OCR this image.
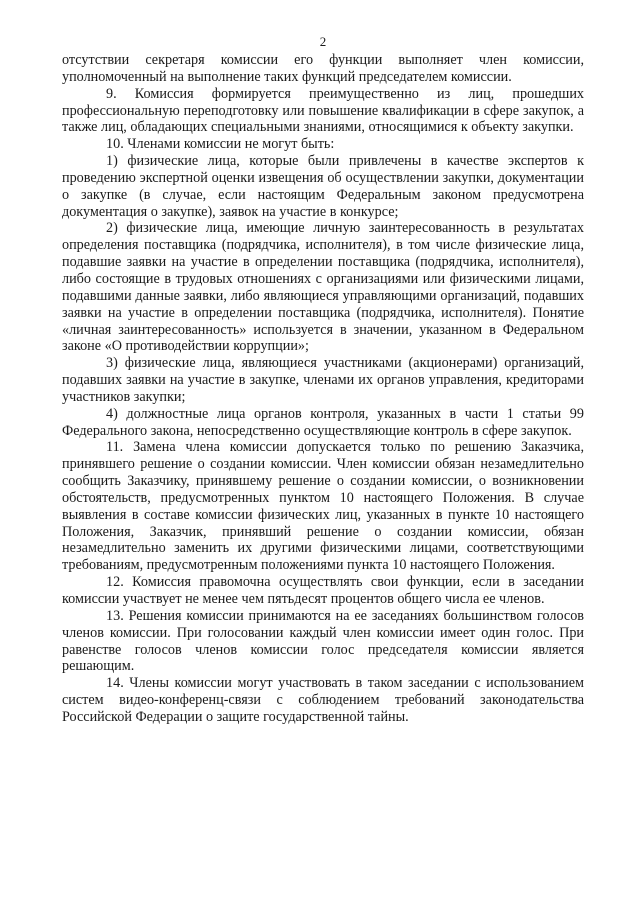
2

отсутствии секретаря комиссии его функции выполняет член комиссии, уполномоченный на выполнение таких функций председателем комиссии.

9. Комиссия формируется преимущественно из лиц, прошедших профессиональную переподготовку или повышение квалификации в сфере закупок, а также лиц, обладающих специальными знаниями, относящимися к объекту закупки.

10. Членами комиссии не могут быть:

1) физические лица, которые были привлечены в качестве экспертов к проведению экспертной оценки извещения об осуществлении закупки, документации о закупке (в случае, если настоящим Федеральным законом предусмотрена документация о закупке), заявок на участие в конкурсе;

2) физические лица, имеющие личную заинтересованность в результатах определения поставщика (подрядчика, исполнителя), в том числе физические лица, подавшие заявки на участие в определении поставщика (подрядчика, исполнителя), либо состоящие в трудовых отношениях с организациями или физическими лицами, подавшими данные заявки, либо являющиеся управляющими организаций, подавших заявки на участие в определении поставщика (подрядчика, исполнителя). Понятие «личная заинтересованность» используется в значении, указанном в Федеральном законе «О противодействии коррупции»;

3) физические лица, являющиеся участниками (акционерами) организаций, подавших заявки на участие в закупке, членами их органов управления, кредиторами участников закупки;

4) должностные лица органов контроля, указанных в части 1 статьи 99 Федерального закона, непосредственно осуществляющие контроль в сфере закупок.

11. Замена члена комиссии допускается только по решению Заказчика, принявшего решение о создании комиссии. Член комиссии обязан незамедлительно сообщить Заказчику, принявшему решение о создании комиссии, о возникновении обстоятельств, предусмотренных пунктом 10 настоящего Положения. В случае выявления в составе комиссии физических лиц, указанных в пункте 10 настоящего Положения, Заказчик, принявший решение о создании комиссии, обязан незамедлительно заменить их другими физическими лицами, соответствующими требованиям, предусмотренным положениями пункта 10 настоящего Положения.

12. Комиссия правомочна осуществлять свои функции, если в заседании комиссии участвует не менее чем пятьдесят процентов общего числа ее членов.

13. Решения комиссии принимаются на ее заседаниях большинством голосов членов комиссии. При голосовании каждый член комиссии имеет один голос. При равенстве голосов членов комиссии голос председателя комиссии является решающим.

14. Члены комиссии могут участвовать в таком заседании с использованием систем видео-конференц-связи с соблюдением требований законодательства Российской Федерации о защите государственной тайны.
